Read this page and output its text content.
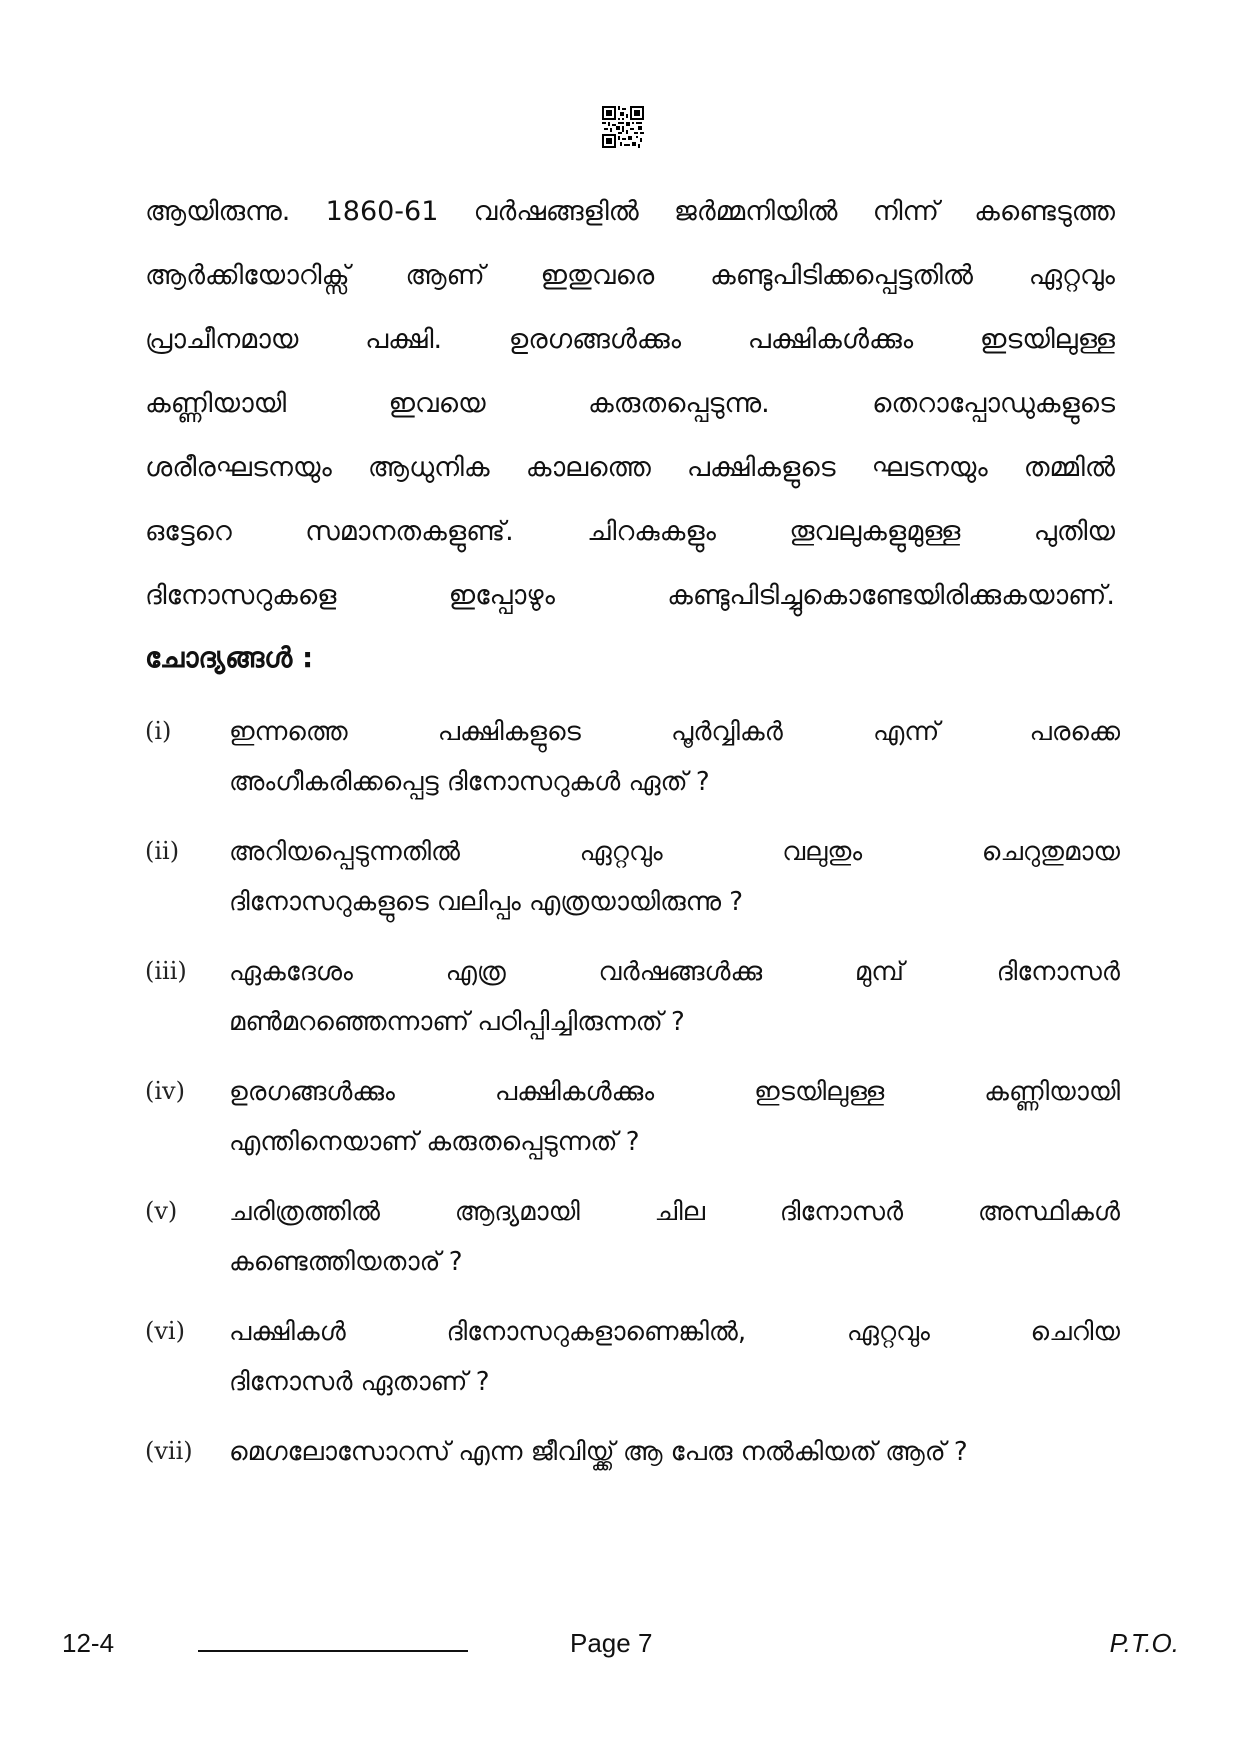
ആയിരുന്നു. 1860-61 വർഷങ്ങളിൽ ജർമ്മനിയിൽ നിന്ന് കണ്ടെടുത്ത
ആർക്കിയോറിക്സ് ആണ് ഇതുവരെ കണ്ടുപിടിക്കപ്പെട്ടതിൽ ഏറ്റവും
പ്രാചീനമായ പക്ഷി. ഉരഗങ്ങൾക്കും പക്ഷികൾക്കും ഇടയിലുള്ള
കണ്ണിയായി ഇവയെ കരുതപ്പെടുന്നു. തെറാപ്പോഡുകളുടെ
ശരീരഘടനയും ആധുനിക കാലത്തെ പക്ഷികളുടെ ഘടനയും തമ്മിൽ
ഒട്ടേറെ സമാനതകളുണ്ട്. ചിറകുകളും തൂവലുകളുമുള്ള പുതിയ
ദിനോസറുകളെ ഇപ്പോഴും കണ്ടുപിടിച്ചുകൊണ്ടേയിരിക്കുകയാണ്.
ചോദ്യങ്ങൾ :
(i) ഇന്നത്തെ പക്ഷികളുടെ പൂർവ്വികർ എന്ന് പരക്കെ
അംഗീകരിക്കപ്പെട്ട ദിനോസറുകൾ ഏത് ?
(ii) അറിയപ്പെടുന്നതിൽ ഏറ്റവും വലുതും ചെറുതുമായ
ദിനോസറുകളുടെ വലിപ്പം എത്രയായിരുന്നു ?
(iii) ഏകദേശം എത്ര വർഷങ്ങൾക്കു മുമ്പ് ദിനോസർ
മൺമറഞ്ഞെന്നാണ് പഠിപ്പിച്ചിരുന്നത് ?
(iv) ഉരഗങ്ങൾക്കും പക്ഷികൾക്കും ഇടയിലുള്ള കണ്ണിയായി
എന്തിനെയാണ് കരുതപ്പെടുന്നത് ?
(v) ചരിത്രത്തിൽ ആദ്യമായി ചില ദിനോസർ അസ്ഥികൾ
കണ്ടെത്തിയതാര് ?
(vi) പക്ഷികൾ ദിനോസറുകളാണെങ്കിൽ, ഏറ്റവും ചെറിയ
ദിനോസർ ഏതാണ് ?
(vii) മെഗലോസോറസ് എന്ന ജീവിയ്ക്ക് ആ പേരു നൽകിയത് ആര് ?
12-4	Page 7	P.T.O.
